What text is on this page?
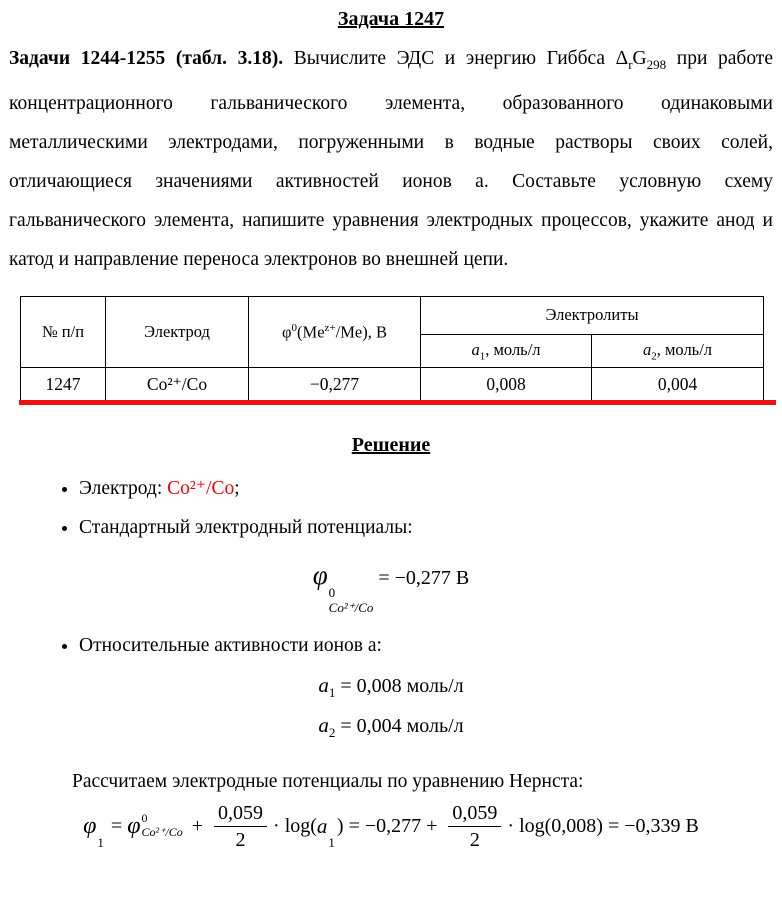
Задача 1247

Задачи 1244-1255 (табл. 3.18). Вычислите ЭДС и энергию Гиббса $\Delta_rG_{298}$ при работе концентрационного гальванического элемента, образованного одинаковыми металлическими электродами, погруженными в водные растворы своих солей, отличающиеся значениями активностей ионов а. Составьте условную схему гальванического элемента, напишите уравнения электродных процессов, укажите анод и катод и направление переноса электронов во внешней цепи.

№ п/п	Электрод	$\varphi^0(Me^{z+}/Me)$, В	Электролиты	
			$a_1$, моль/л	$a_2$, моль/л
1247	Co²⁺/Co	−0,277	0,008	0,004
Решение
• Электрод: Co²⁺/Co;
• Стандартный электродный потенциалы:
φ
0
Co²⁺/Co
= −0,277 В
• Относительные активности ионов а:
$a_1 = 0,008$ моль/л
$a_2 = 0,004$ моль/л

Рассчитаем электродные потенциалы по уравнению Нернста:

φ
1
= φ 0
$Co^{2+}/Co + \frac{0,059}{2} \cdot \log$( a
1
) = $-0,277 + \frac{0,059}{2} \cdot \log(0,008) = -0,339$ В
